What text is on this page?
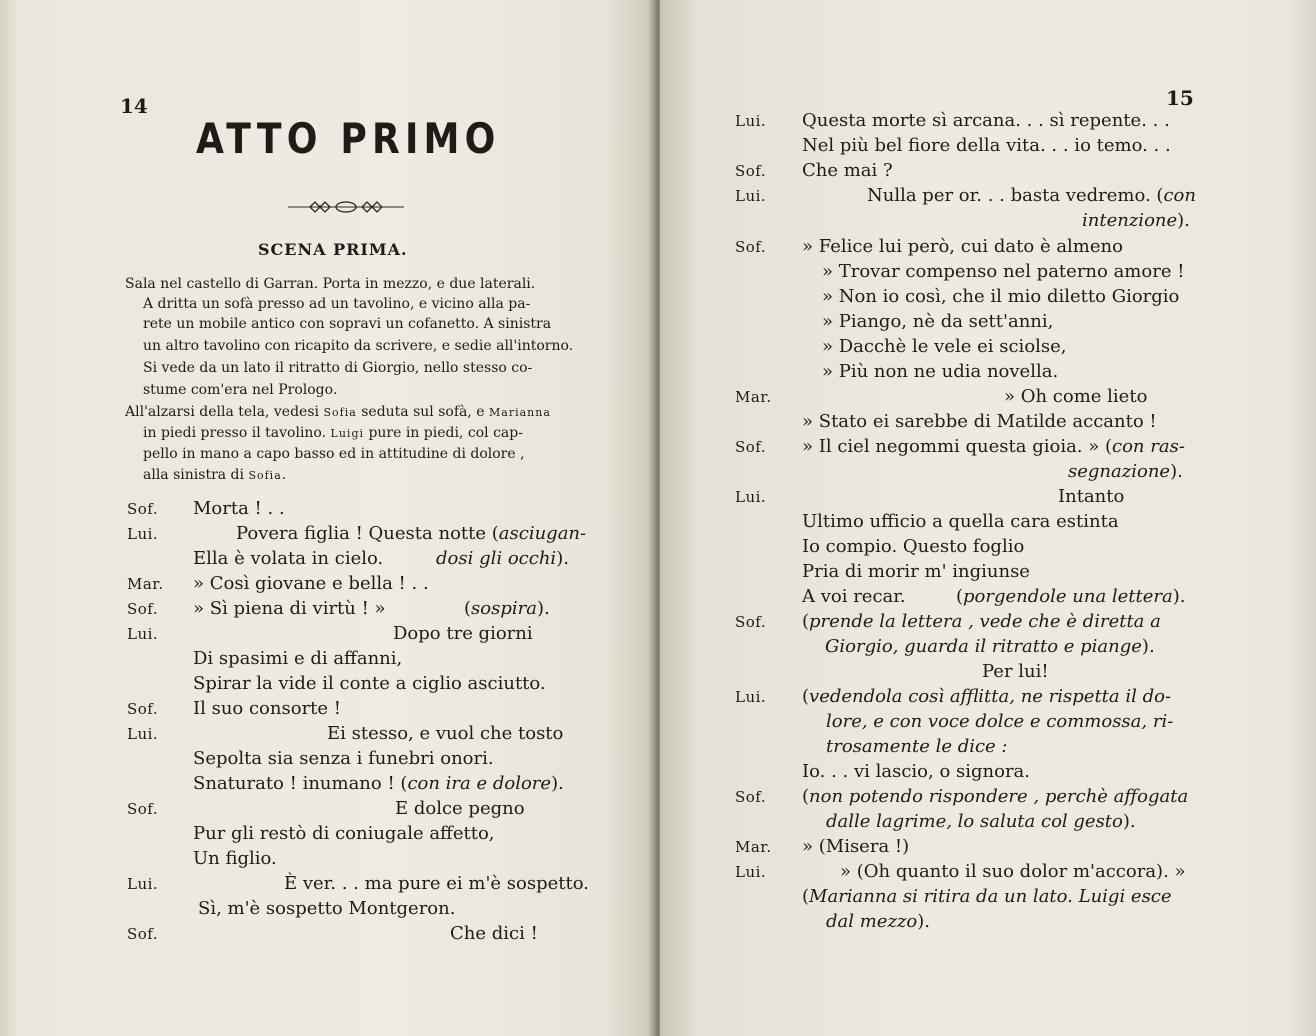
14
ATTO PRIMO
SCENA PRIMA.
Sala nel castello di Garran. Porta in mezzo, e due laterali.
A dritta un sofà presso ad un tavolino, e vicino alla pa-
rete un mobile antico con sopravi un cofanetto. A sinistra
un altro tavolino con ricapito da scrivere, e sedie all'intorno.
Si vede da un lato il ritratto di Giorgio, nello stesso co-
stume com'era nel Prologo.
All'alzarsi della tela, vedesi Sofia seduta sul sofà, e Marianna
in piedi presso il tavolino. Luigi pure in piedi, col cap-
pello in mano a capo basso ed in attitudine di dolore ,
alla sinistra di Sofia.
Sof. Morta ! . .
Lui.	Povera figlia ! Questa notte (asciugan-
Ella è volata in cielo.	dosi gli occhi).
Mar. » Così giovane e bella ! . .
Sof. » Sì piena di virtù ! »	(sospira).
Lui.	Dopo tre giorni
Di spasimi e di affanni,
Spirar la vide il conte a ciglio asciutto.
Sof. Il suo consorte !
Lui.	Ei stesso, e vuol che tosto
Sepolta sia senza i funebri onori.
Snaturato ! inumano ! (con ira e dolore).
Sof.	E dolce pegno
Pur gli restò di coniugale affetto,
Un figlio.
Lui.	È ver. . . ma pure ei m'è sospetto.
Sì, m'è sospetto Montgeron.
Sof.	Che dici !
15
Lui. Questa morte sì arcana. . . sì repente. . .
Nel più bel fiore della vita. . . io temo. . .
Sof. Che mai ?
Lui.	Nulla per or. . . basta vedremo. (con
intenzione).
Sof. » Felice lui però, cui dato è almeno
» Trovar compenso nel paterno amore !
» Non io così, che il mio diletto Giorgio
» Piango, nè da sett'anni,
» Dacchè le vele ei sciolse,
» Più non ne udia novella.
Mar.	» Oh come lieto
» Stato ei sarebbe di Matilde accanto !
Sof. » Il ciel negommi questa gioia. » (con ras-
segnazione).
Lui.	Intanto
Ultimo ufficio a quella cara estinta
Io compio. Questo foglio
Pria di morir m' ingiunse
A voi recar.	(porgendole una lettera).
Sof. (prende la lettera , vede che è diretta a
Giorgio, guarda il ritratto e piange).
Per lui!
Lui. (vedendola così afflitta, ne rispetta il do-
lore, e con voce dolce e commossa, ri-
trosamente le dice :
Io. . . vi lascio, o signora.
Sof. (non potendo rispondere , perchè affogata
dalle lagrime, lo saluta col gesto).
Mar. » (Misera !)
Lui.	» (Oh quanto il suo dolor m'accora). »
(Marianna si ritira da un lato. Luigi esce
dal mezzo).
